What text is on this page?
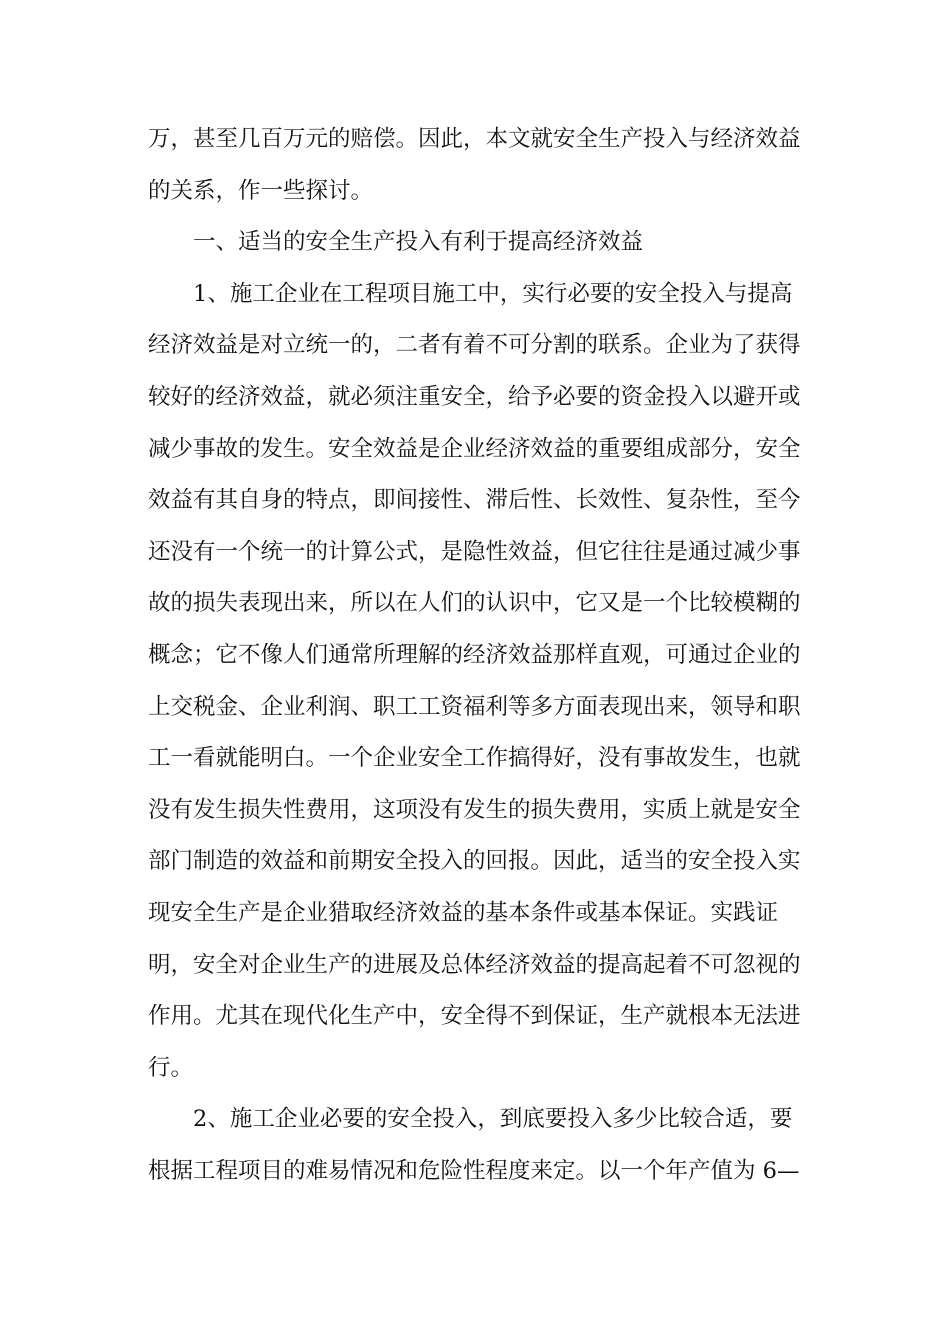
万，甚至几百万元的赔偿。因此，本文就安全生产投入与经济效益
的关系，作一些探讨。
一、适当的安全生产投入有利于提高经济效益
1、施工企业在工程项目施工中，实行必要的安全投入与提高
经济效益是对立统一的，二者有着不可分割的联系。企业为了获得
较好的经济效益，就必须注重安全，给予必要的资金投入以避开或
减少事故的发生。安全效益是企业经济效益的重要组成部分，安全
效益有其自身的特点，即间接性、滞后性、长效性、复杂性，至今
还没有一个统一的计算公式，是隐性效益，但它往往是通过减少事
故的损失表现出来，所以在人们的认识中，它又是一个比较模糊的
概念；它不像人们通常所理解的经济效益那样直观，可通过企业的
上交税金、企业利润、职工工资福利等多方面表现出来，领导和职
工一看就能明白。一个企业安全工作搞得好，没有事故发生，也就
没有发生损失性费用，这项没有发生的损失费用，实质上就是安全
部门制造的效益和前期安全投入的回报。因此，适当的安全投入实
现安全生产是企业猎取经济效益的基本条件或基本保证。实践证
明，安全对企业生产的进展及总体经济效益的提高起着不可忽视的
作用。尤其在现代化生产中，安全得不到保证，生产就根本无法进
行。
2、施工企业必要的安全投入，到底要投入多少比较合适，要
根据工程项目的难易情况和危险性程度来定。以一个年产值为 6—
